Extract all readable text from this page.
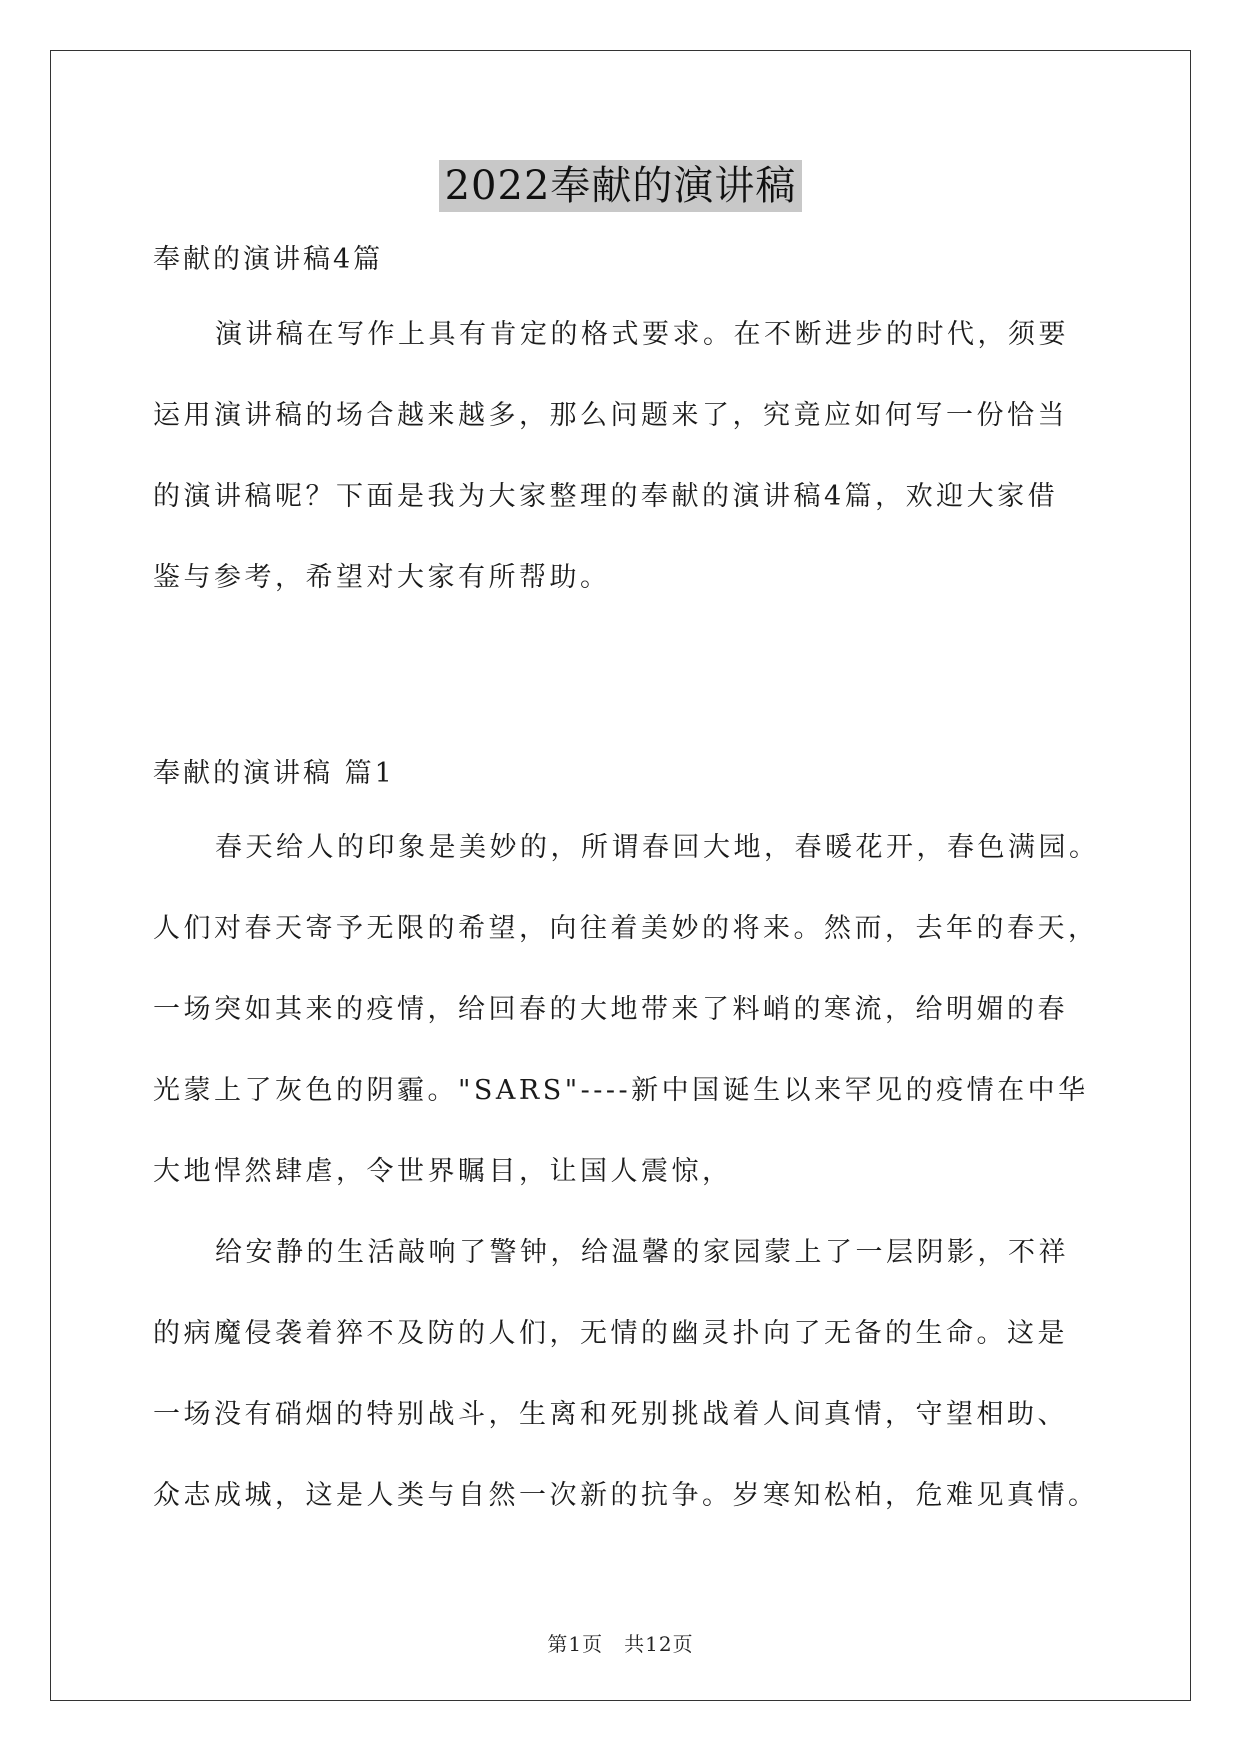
2022奉献的演讲稿

奉献的演讲稿4篇

演讲稿在写作上具有肯定的格式要求。在不断进步的时代，须要
运用演讲稿的场合越来越多，那么问题来了，究竟应如何写一份恰当
的演讲稿呢？下面是我为大家整理的奉献的演讲稿4篇，欢迎大家借
鉴与参考，希望对大家有所帮助。

奉献的演讲稿 篇1

春天给人的印象是美妙的，所谓春回大地，春暖花开，春色满园。
人们对春天寄予无限的希望，向往着美妙的将来。然而，去年的春天，
一场突如其来的疫情，给回春的大地带来了料峭的寒流，给明媚的春
光蒙上了灰色的阴霾。"SARS"----新中国诞生以来罕见的疫情在中华
大地悍然肆虐，令世界瞩目，让国人震惊，
给安静的生活敲响了警钟，给温馨的家园蒙上了一层阴影，不祥
的病魔侵袭着猝不及防的人们，无情的幽灵扑向了无备的生命。这是
一场没有硝烟的特别战斗，生离和死别挑战着人间真情，守望相助、
众志成城，这是人类与自然一次新的抗争。岁寒知松柏，危难见真情。
第1页　共12页
